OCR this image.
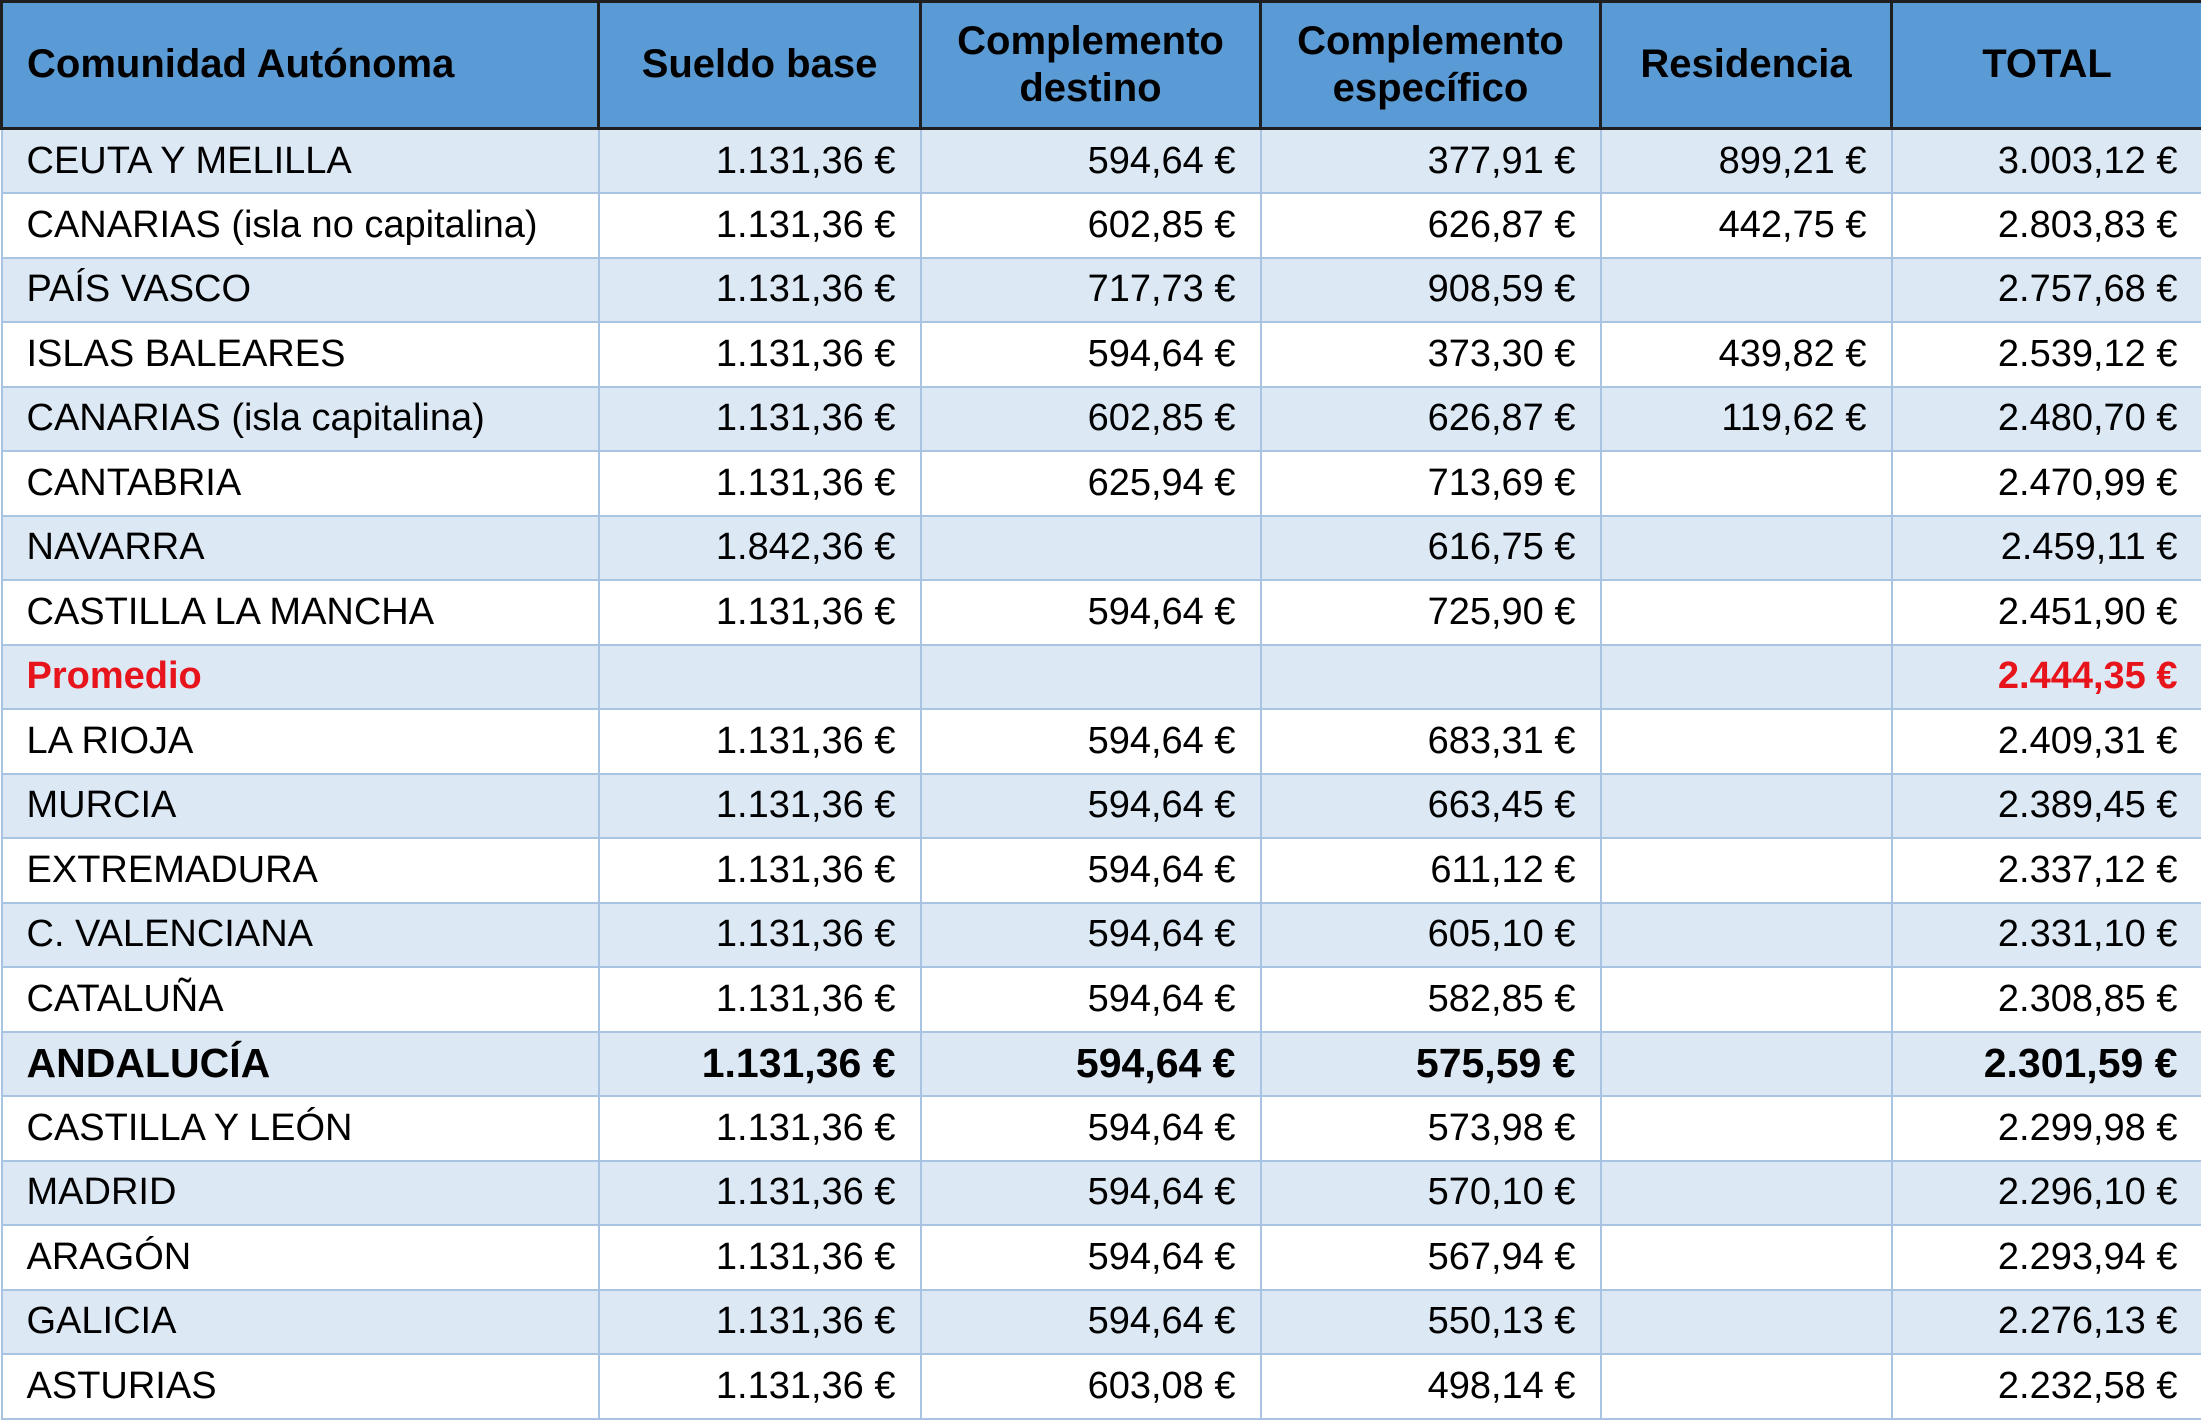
Comunidad Autónoma	Sueldo base	Complemento destino	Complemento específico	Residencia	TOTAL
CEUTA Y MELILLA	1.131,36 €	594,64 €	377,91 €	899,21 €	3.003,12 €
CANARIAS (isla no capitalina)	1.131,36 €	602,85 €	626,87 €	442,75 €	2.803,83 €
PAÍS VASCO	1.131,36 €	717,73 €	908,59 €		2.757,68 €
ISLAS BALEARES	1.131,36 €	594,64 €	373,30 €	439,82 €	2.539,12 €
CANARIAS (isla capitalina)	1.131,36 €	602,85 €	626,87 €	119,62 €	2.480,70 €
CANTABRIA	1.131,36 €	625,94 €	713,69 €		2.470,99 €
NAVARRA	1.842,36 €		616,75 €		2.459,11 €
CASTILLA LA MANCHA	1.131,36 €	594,64 €	725,90 €		2.451,90 €
Promedio					2.444,35 €
LA RIOJA	1.131,36 €	594,64 €	683,31 €		2.409,31 €
MURCIA	1.131,36 €	594,64 €	663,45 €		2.389,45 €
EXTREMADURA	1.131,36 €	594,64 €	611,12 €		2.337,12 €
C. VALENCIANA	1.131,36 €	594,64 €	605,10 €		2.331,10 €
CATALUÑA	1.131,36 €	594,64 €	582,85 €		2.308,85 €
ANDALUCÍA	1.131,36 €	594,64 €	575,59 €		2.301,59 €
CASTILLA Y LEÓN	1.131,36 €	594,64 €	573,98 €		2.299,98 €
MADRID	1.131,36 €	594,64 €	570,10 €		2.296,10 €
ARAGÓN	1.131,36 €	594,64 €	567,94 €		2.293,94 €
GALICIA	1.131,36 €	594,64 €	550,13 €		2.276,13 €
ASTURIAS	1.131,36 €	603,08 €	498,14 €		2.232,58 €
